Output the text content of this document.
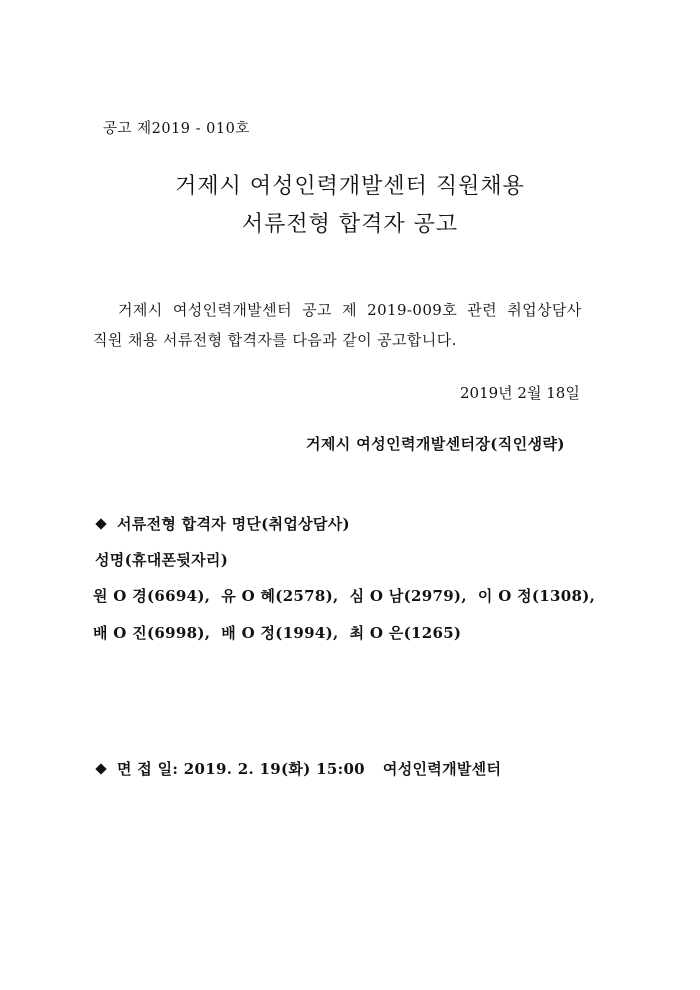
공고 제2019 - 010호
거제시 여성인력개발센터 직원채용
서류전형 합격자 공고
거제시 여성인력개발센터 공고 제 2019-009호 관련 취업상담사
직원 채용 서류전형 합격자를 다음과 같이 공고합니다.
2019년 2월 18일
거제시 여성인력개발센터장(직인생략)
서류전형 합격자 명단(취업상담사)
성명(휴대폰뒷자리)
원 O 경(6694),  유 O 혜(2578),  심 O 남(2979),  이 O 정(1308),
배 O 진(6998),  배 O 정(1994),  최 O 은(1265)
면 접 일: 2019. 2. 19(화) 15:00 여성인력개발센터
